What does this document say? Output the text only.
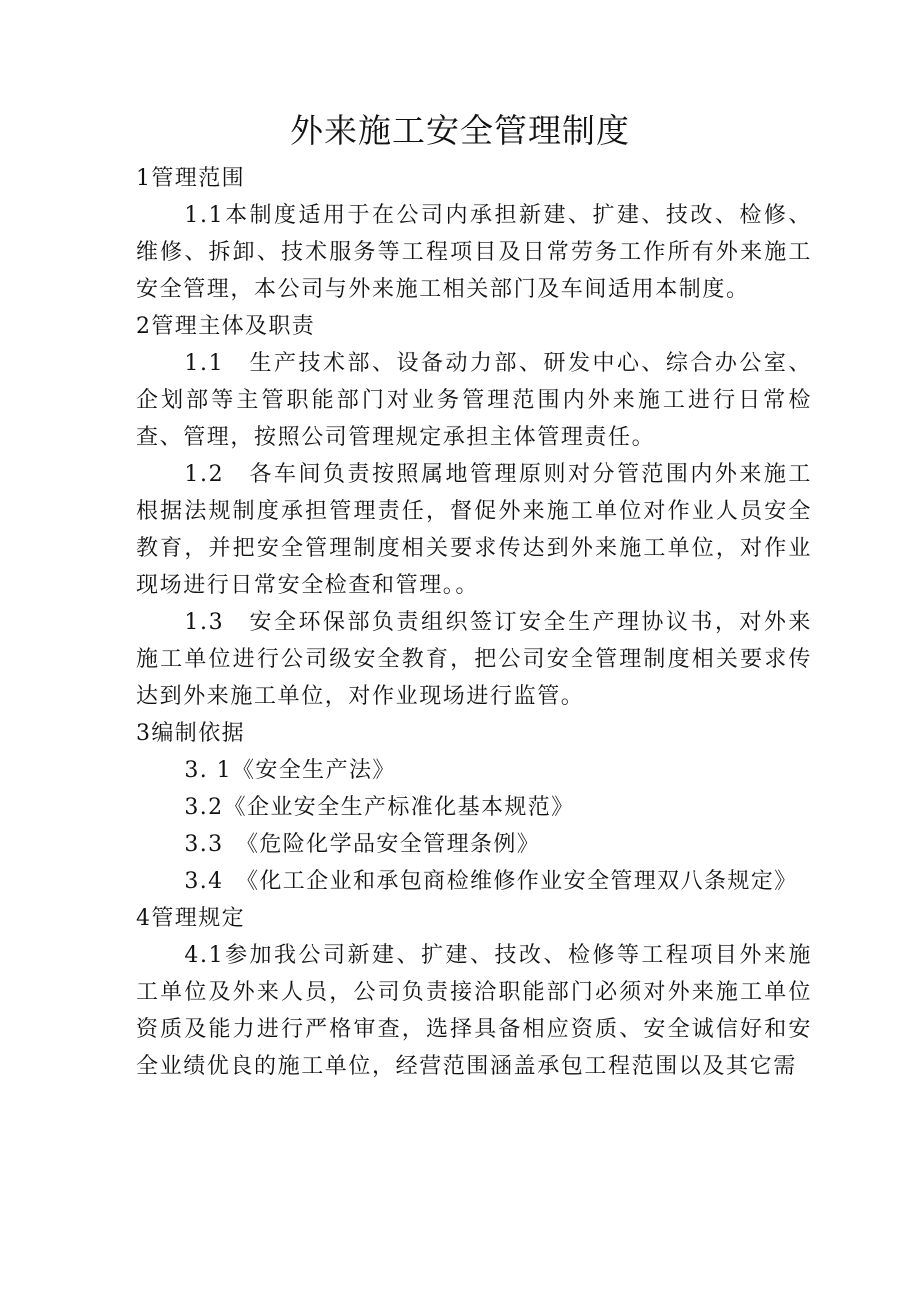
外来施工安全管理制度

1管理范围

1.1本制度适用于在公司内承担新建、扩建、技改、检修、维修、拆卸、技术服务等工程项目及日常劳务工作所有外来施工安全管理，本公司与外来施工相关部门及车间适用本制度。

2管理主体及职责

1.1　生产技术部、设备动力部、研发中心、综合办公室、企划部等主管职能部门对业务管理范围内外来施工进行日常检查、管理，按照公司管理规定承担主体管理责任。

1.2　各车间负责按照属地管理原则对分管范围内外来施工根据法规制度承担管理责任，督促外来施工单位对作业人员安全教育，并把安全管理制度相关要求传达到外来施工单位，对作业现场进行日常安全检查和管理。。

1.3　安全环保部负责组织签订安全生产理协议书，对外来施工单位进行公司级安全教育，把公司安全管理制度相关要求传达到外来施工单位，对作业现场进行监管。

3编制依据

3. 1《安全生产法》

3.2《企业安全生产标准化基本规范》

3.3　《危险化学品安全管理条例》

3.4　《化工企业和承包商检维修作业安全管理双八条规定》

4管理规定

4.1参加我公司新建、扩建、技改、检修等工程项目外来施工单位及外来人员，公司负责接洽职能部门必须对外来施工单位资质及能力进行严格审查，选择具备相应资质、安全诚信好和安全业绩优良的施工单位，经营范围涵盖承包工程范围以及其它需
